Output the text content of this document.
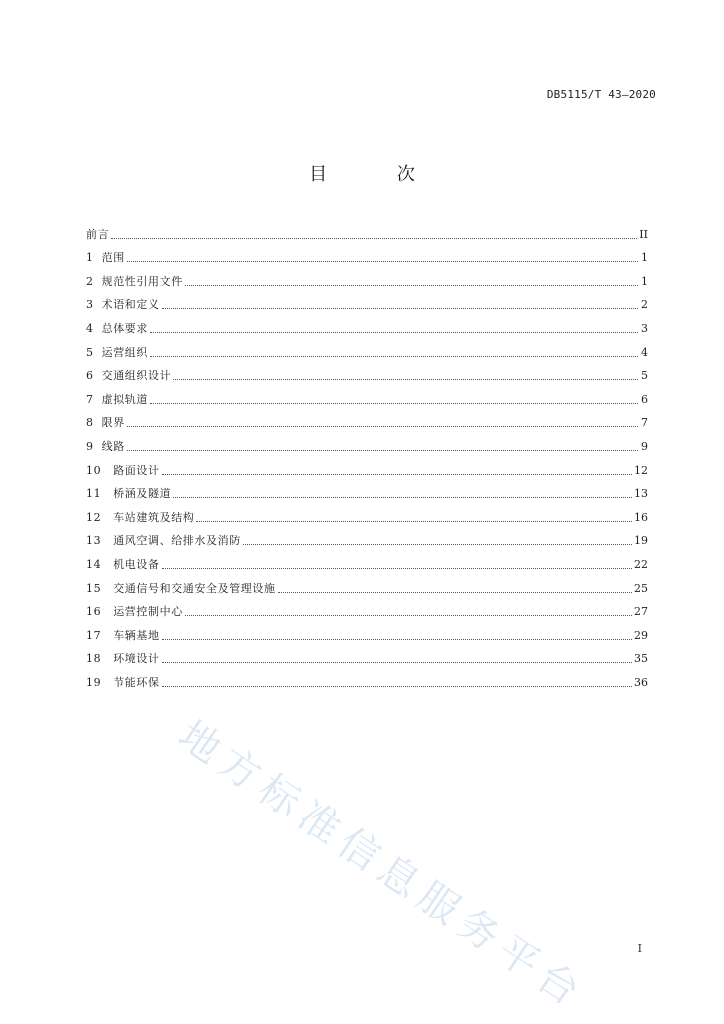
DB5115/T 43—2020
目 次
前言	II
1 范围	1
2 规范性引用文件	1
3 术语和定义	2
4 总体要求	3
5 运营组织	4
6 交通组织设计	5
7 虚拟轨道	6
8 限界	7
9 线路	9
10 路面设计	12
11 桥涵及隧道	13
12 车站建筑及结构	16
13 通风空调、给排水及消防	19
14 机电设备	22
15 交通信号和交通安全及管理设施	25
16 运营控制中心	27
17 车辆基地	29
18 环境设计	35
19 节能环保	36
地方标准信息服务平台	I
